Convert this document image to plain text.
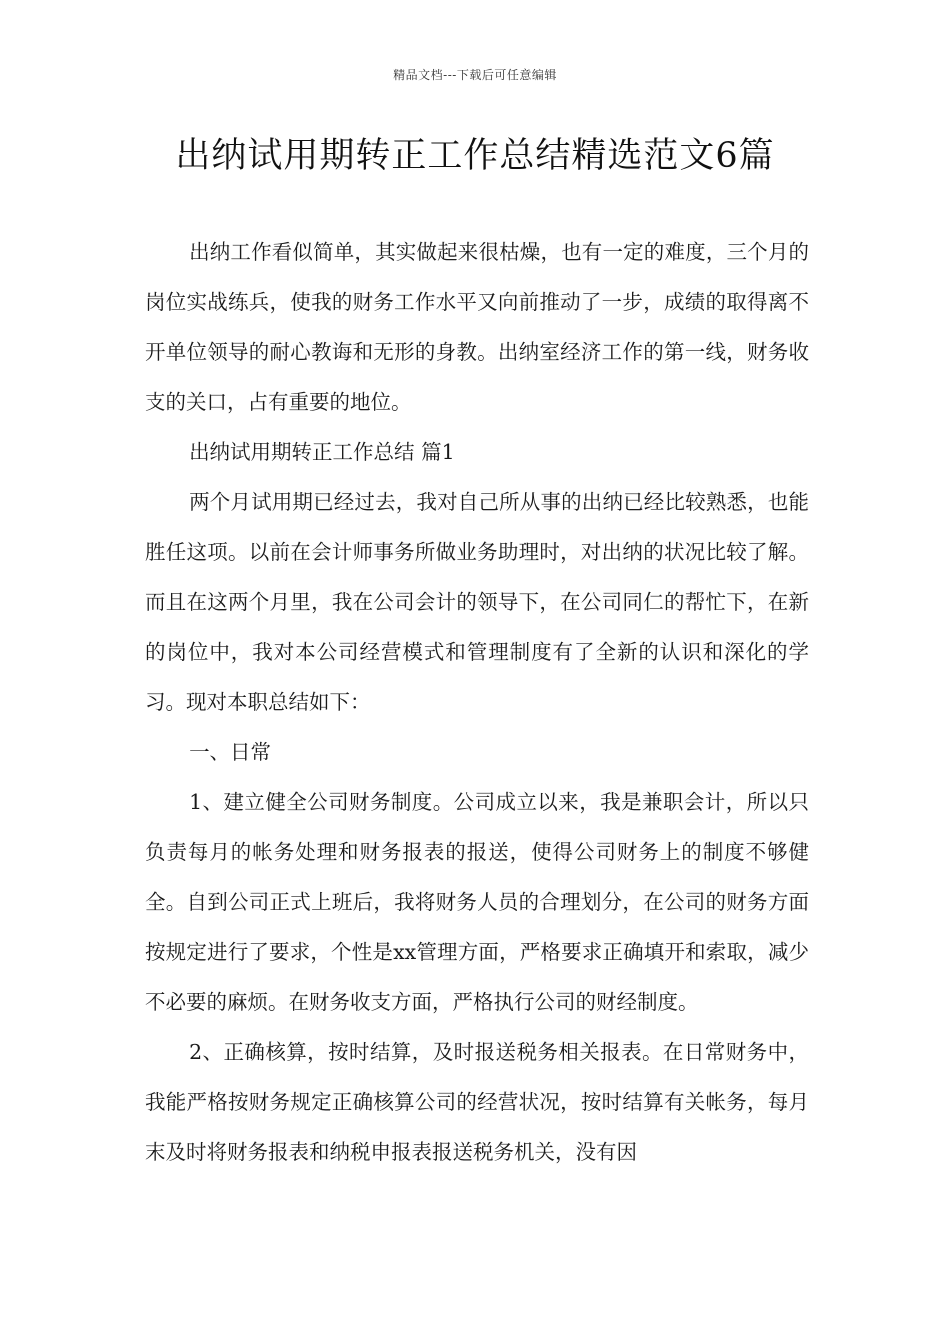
精品文档---下载后可任意编辑
出纳试用期转正工作总结精选范文6篇

出纳工作看似简单，其实做起来很枯燥，也有一定的难度，三个月的岗位实战练兵，使我的财务工作水平又向前推动了一步，成绩的取得离不开单位领导的耐心教诲和无形的身教。出纳室经济工作的第一线，财务收支的关口，占有重要的地位。

出纳试用期转正工作总结 篇1

两个月试用期已经过去，我对自己所从事的出纳已经比较熟悉，也能胜任这项。以前在会计师事务所做业务助理时，对出纳的状况比较了解。而且在这两个月里，我在公司会计的领导下，在公司同仁的帮忙下，在新的岗位中，我对本公司经营模式和管理制度有了全新的认识和深化的学习。现对本职总结如下：

一、日常

1、建立健全公司财务制度。公司成立以来，我是兼职会计，所以只负责每月的帐务处理和财务报表的报送，使得公司财务上的制度不够健全。自到公司正式上班后，我将财务人员的合理划分，在公司的财务方面按规定进行了要求，个性是xx管理方面，严格要求正确填开和索取，减少不必要的麻烦。在财务收支方面，严格执行公司的财经制度。

2、正确核算，按时结算，及时报送税务相关报表。在日常财务中，我能严格按财务规定正确核算公司的经营状况，按时结算有关帐务，每月末及时将财务报表和纳税申报表报送税务机关，没有因
